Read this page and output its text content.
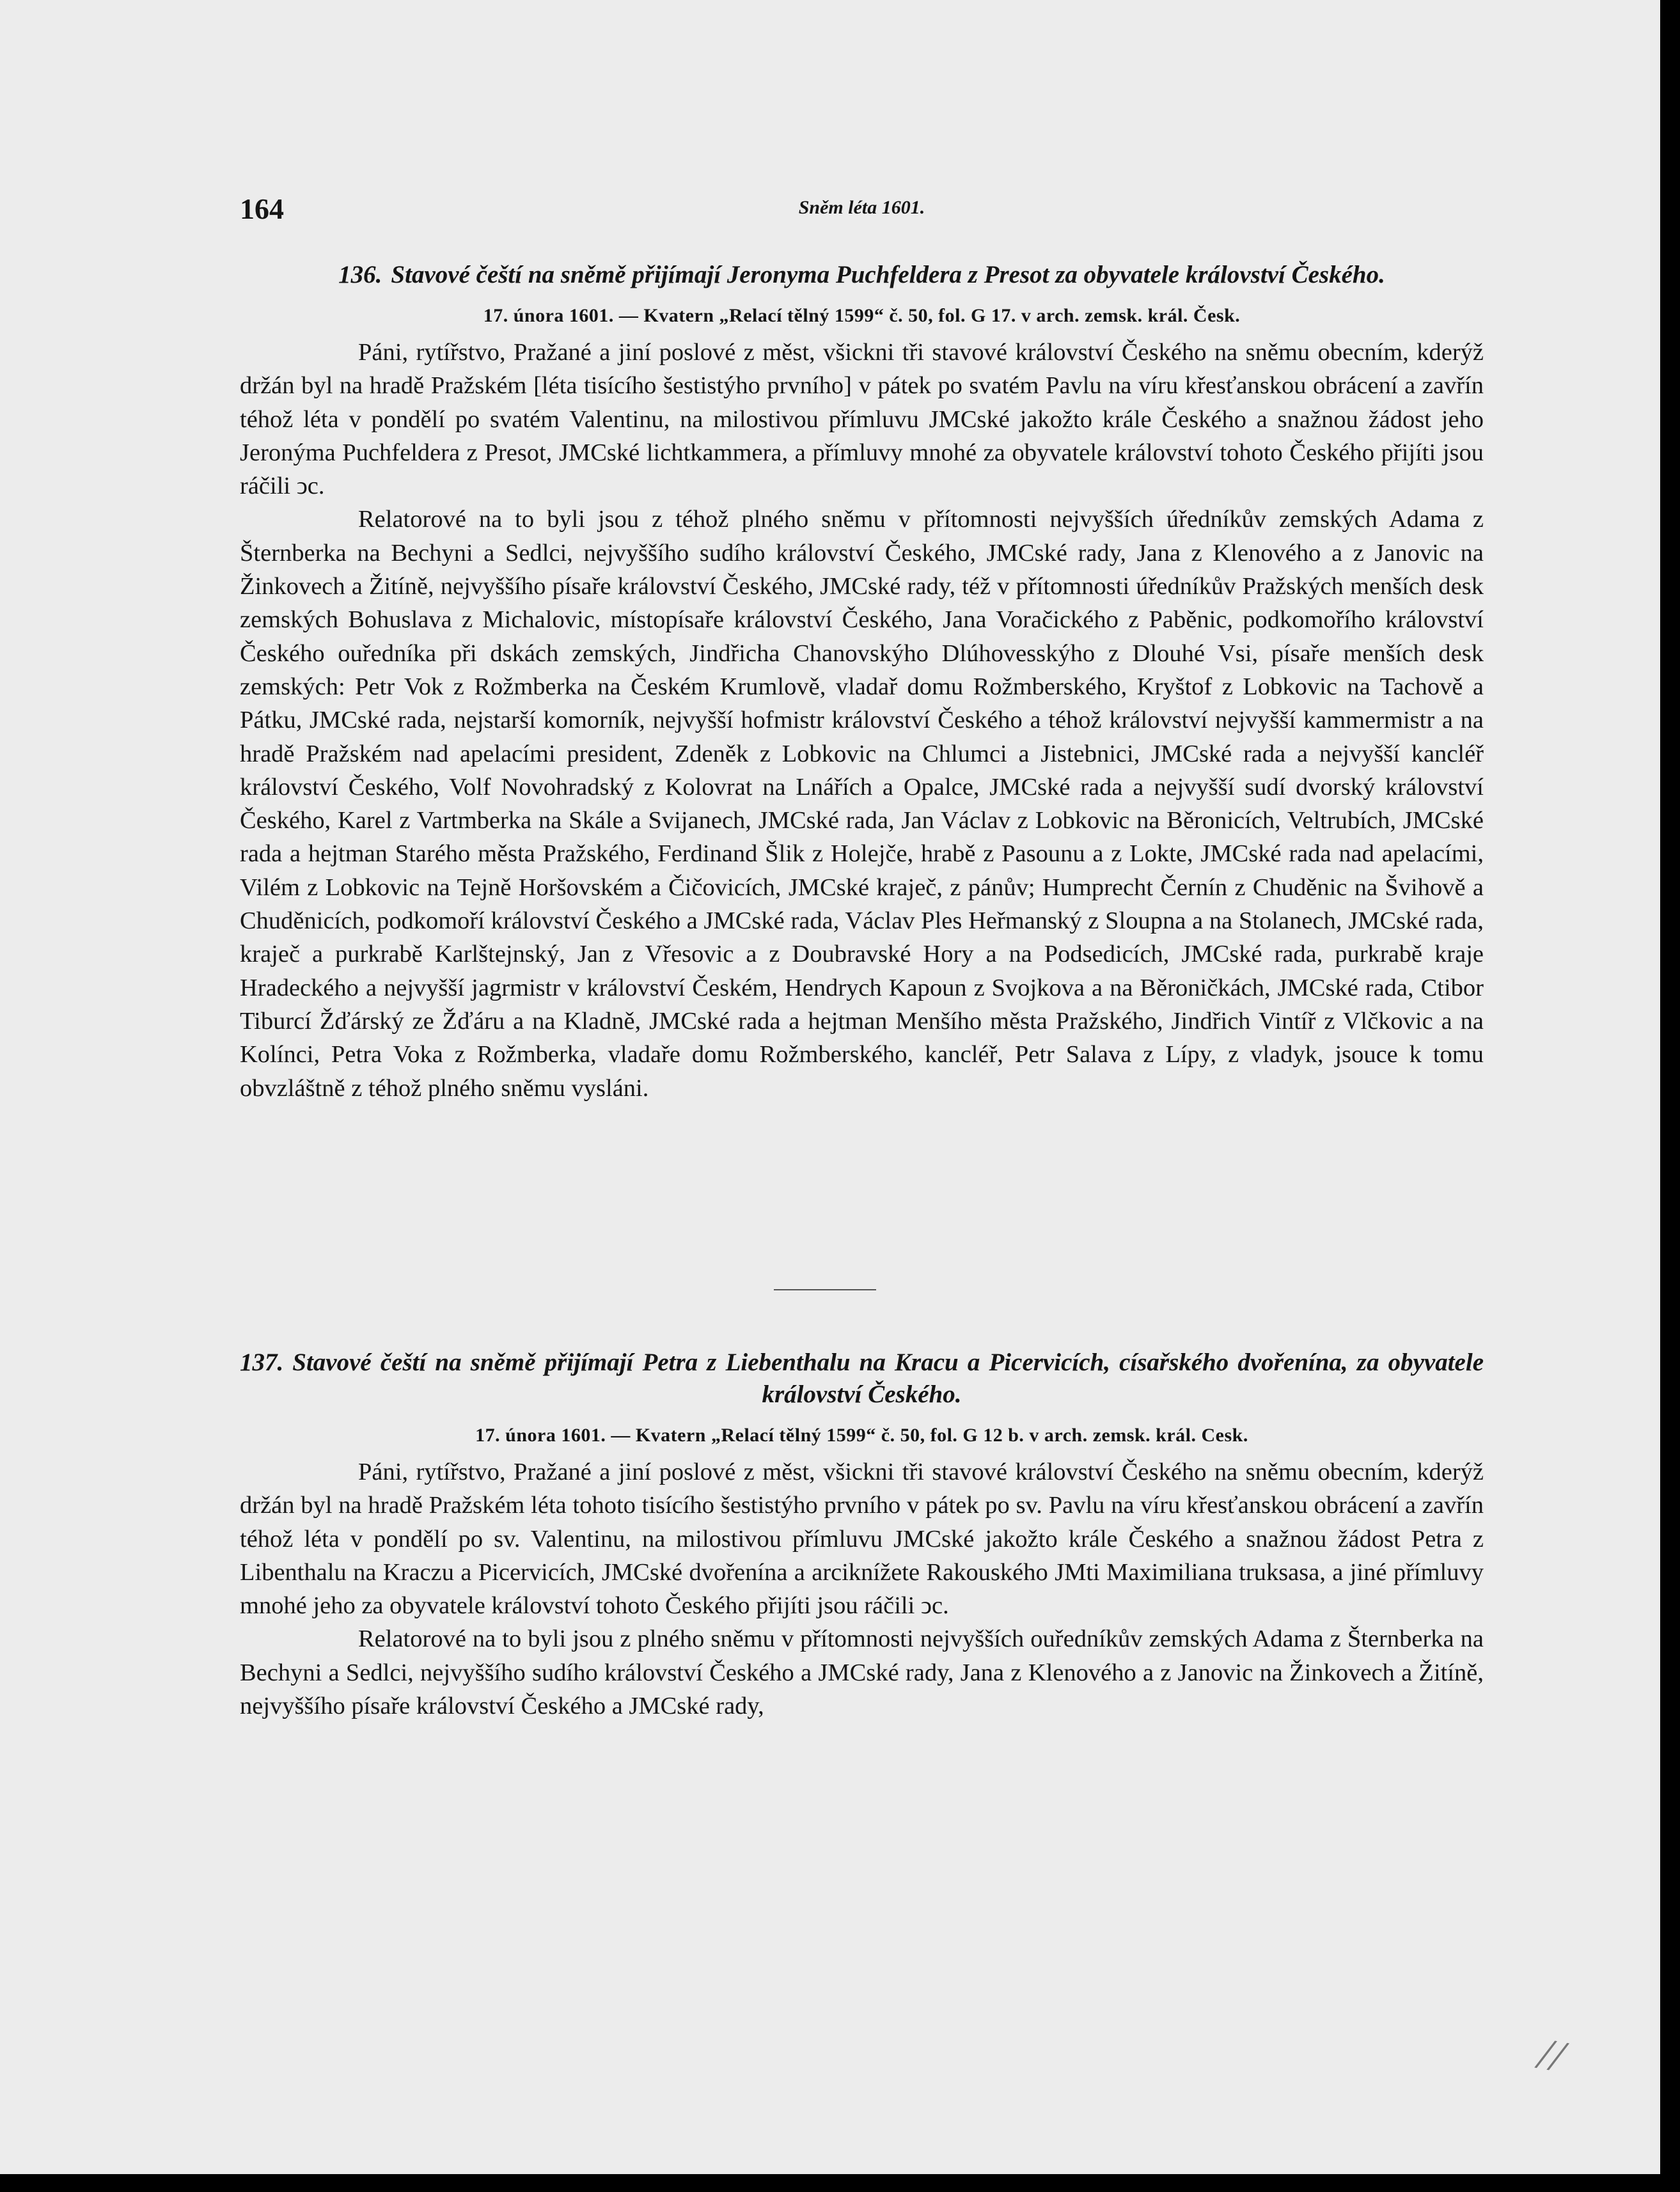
164	Sněm léta 1601.

136. Stavové čeští na sněmě přijímají Jeronyma Puchfeldera z Presot za obyvatele království Českého.

17. února 1601. — Kvatern „Relací tělný 1599“ č. 50, fol. G 17. v arch. zemsk. král. Česk.

Páni, rytířstvo, Pražané a jiní poslové z měst, všickni tři stavové království Českého na sněmu obecním, kderýž držán byl na hradě Pražském [léta tisícího šestistýho prvního] v pátek po svatém Pavlu na víru křesťanskou obrácení a zavřín téhož léta v pondělí po svatém Valentinu, na milostivou přímluvu JMCské jakožto krále Českého a snažnou žádost jeho Jeronýma Puchfeldera z Presot, JMCské lichtkammera, a přímluvy mnohé za obyvatele království tohoto Českého přijíti jsou ráčili ͻc.

Relatorové na to byli jsou z téhož plného sněmu v přítomnosti nejvyšších úředníkův zemských Adama z Šternberka na Bechyni a Sedlci, nejvyššího sudího království Českého, JMCské rady, Jana z Klenového a z Janovic na Žinkovech a Žitíně, nejvyššího písaře království Českého, JMCské rady, též v přítomnosti úředníkův Pražských menších desk zemských Bohuslava z Michalovic, místopísaře království Českého, Jana Voračického z Paběnic, podkomořího království Českého ouředníka při dskách zemských, Jindřicha Chanovskýho Dlúhovesskýho z Dlouhé Vsi, písaře menších desk zemských: Petr Vok z Rožmberka na Českém Krumlově, vladař domu Rožmberského, Kryštof z Lobkovic na Tachově a Pátku, JMCské rada, nejstarší komorník, nejvyšší hofmistr království Českého a téhož království nejvyšší kammermistr a na hradě Pražském nad apelacími president, Zdeněk z Lobkovic na Chlumci a Jistebnici, JMCské rada a nejvyšší kancléř království Českého, Volf Novohradský z Kolovrat na Lnářích a Opalce, JMCské rada a nejvyšší sudí dvorský království Českého, Karel z Vartmberka na Skále a Svijanech, JMCské rada, Jan Václav z Lobkovic na Běronicích, Veltrubích, JMCské rada a hejtman Starého města Pražského, Ferdinand Šlik z Holejče, hrabě z Pasounu a z Lokte, JMCské rada nad apelacími, Vilém z Lobkovic na Tejně Horšovském a Čičovicích, JMCské kraječ, z pánův; Humprecht Černín z Chuděnic na Švihově a Chuděnicích, podkomoří království Českého a JMCské rada, Václav Ples Heřmanský z Sloupna a na Stolanech, JMCské rada, kraječ a purkrabě Karlštejnský, Jan z Vřesovic a z Doubravské Hory a na Podsedicích, JMCské rada, purkrabě kraje Hradeckého a nejvyšší jagrmistr v království Českém, Hendrych Kapoun z Svojkova a na Běroničkách, JMCské rada, Ctibor Tiburcí Žďárský ze Žďáru a na Kladně, JMCské rada a hejtman Menšího města Pražského, Jindřich Vintíř z Vlčkovic a na Kolínci, Petra Voka z Rožmberka, vladaře domu Rožmberského, kancléř, Petr Salava z Lípy, z vladyk, jsouce k tomu obvzláštně z téhož plného sněmu vysláni.

137. Stavové čeští na sněmě přijímají Petra z Liebenthalu na Kracu a Picervicích, císařského dvořenína, za obyvatele království Českého.

17. února 1601. — Kvatern „Relací tělný 1599“ č. 50, fol. G 12 b. v arch. zemsk. král. Cesk.

Páni, rytířstvo, Pražané a jiní poslové z měst, všickni tři stavové království Českého na sněmu obecním, kderýž držán byl na hradě Pražském léta tohoto tisícího šestistýho prvního v pátek po sv. Pavlu na víru křesťanskou obrácení a zavřín téhož léta v pondělí po sv. Valentinu, na milostivou přímluvu JMCské jakožto krále Českého a snažnou žádost Petra z Libenthalu na Kraczu a Picervicích, JMCské dvořenína a arciknížete Rakouského JMti Maximiliana truksasa, a jiné přímluvy mnohé jeho za obyvatele království tohoto Českého přijíti jsou ráčili ͻc.

Relatorové na to byli jsou z plného sněmu v přítomnosti nejvyšších ouředníkův zemských Adama z Šternberka na Bechyni a Sedlci, nejvyššího sudího království Českého a JMCské rady, Jana z Klenového a z Janovic na Žinkovech a Žitíně, nejvyššího písaře království Českého a JMCské rady,

//
